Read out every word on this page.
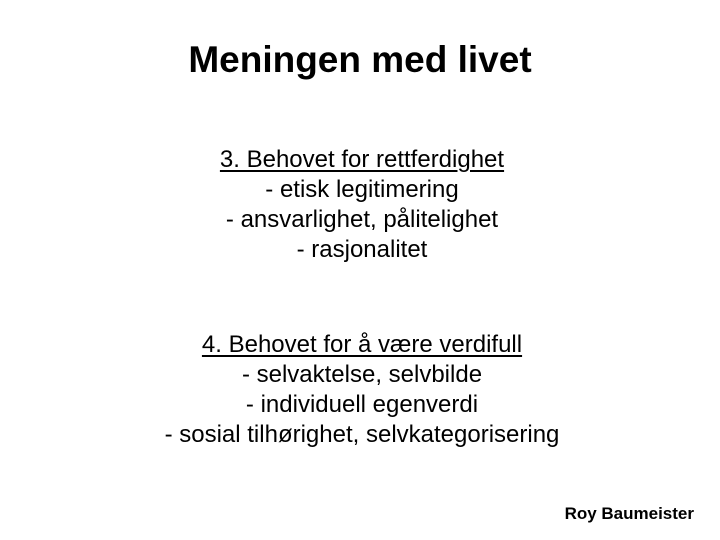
Meningen med livet
3. Behovet for rettferdighet
- etisk legitimering
- ansvarlighet, pålitelighet
- rasjonalitet
4. Behovet for å være verdifull
- selvaktelse, selvbilde
- individuell egenverdi
- sosial tilhørighet, selvkategorisering
Roy Baumeister
